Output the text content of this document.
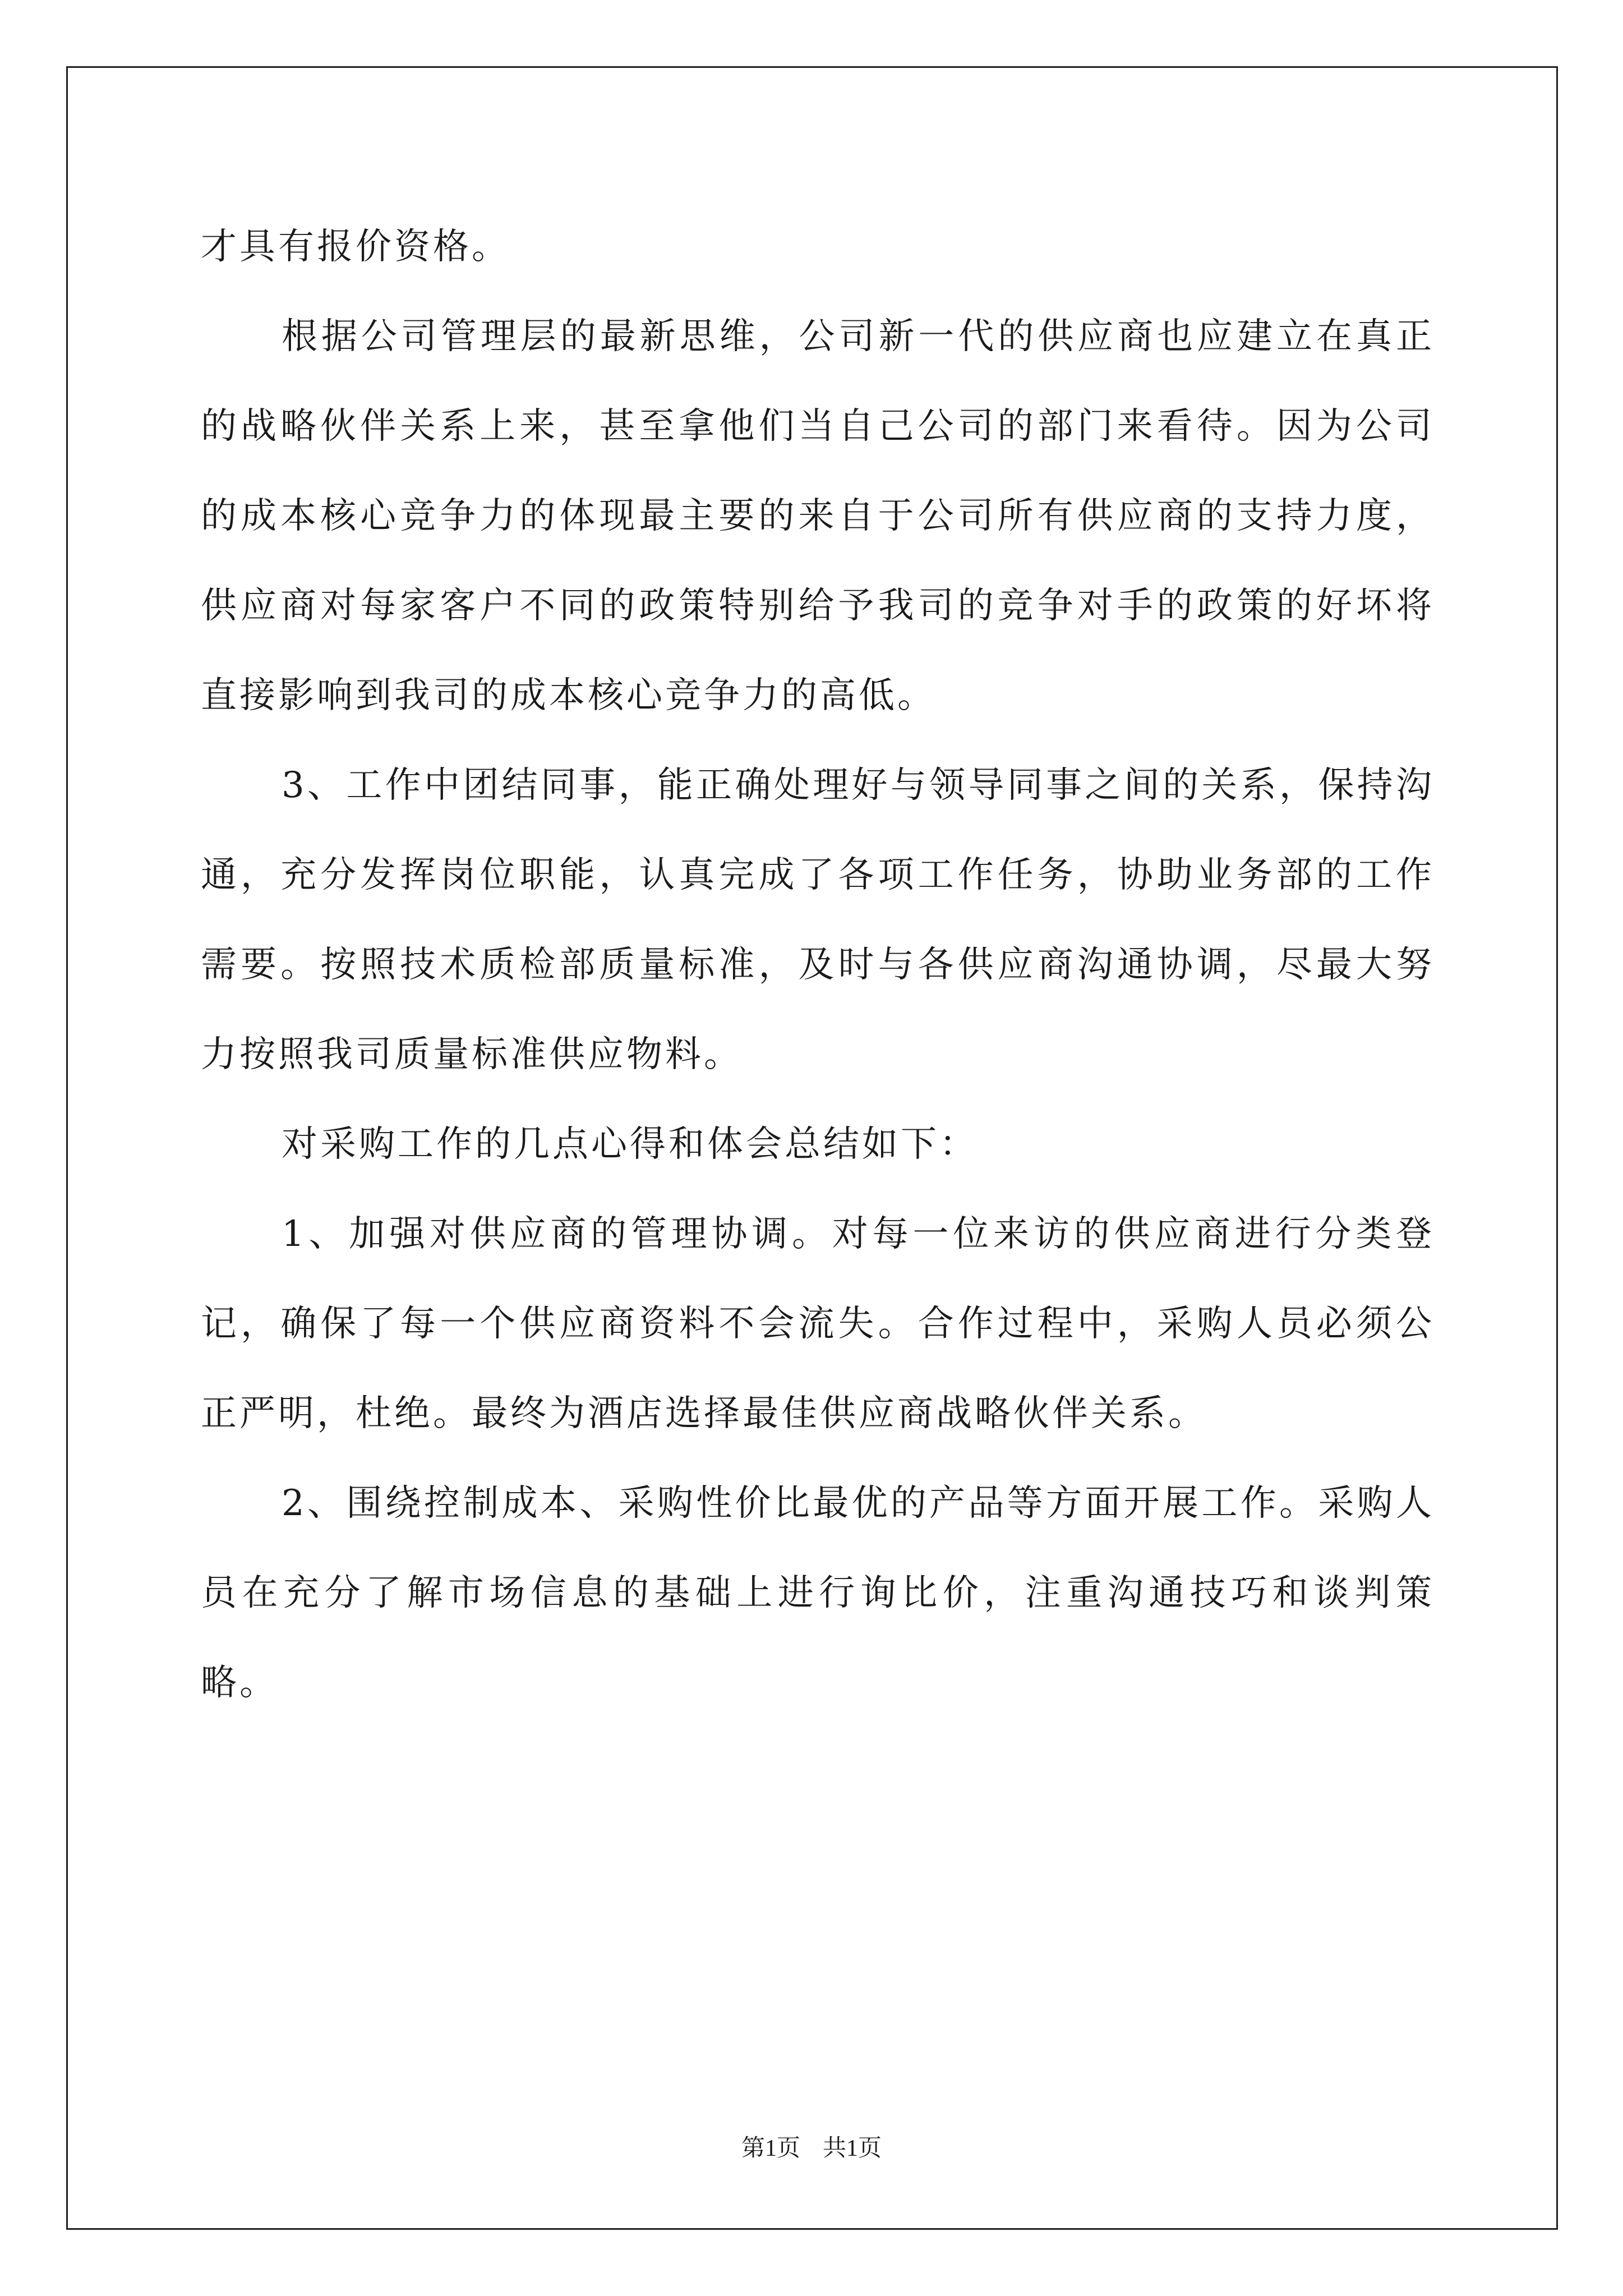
才具有报价资格。

根据公司管理层的最新思维，公司新一代的供应商也应建立在真正的战略伙伴关系上来，甚至拿他们当自己公司的部门来看待。因为公司的成本核心竞争力的体现最主要的来自于公司所有供应商的支持力度，供应商对每家客户不同的政策特别给予我司的竞争对手的政策的好坏将直接影响到我司的成本核心竞争力的高低。

3、工作中团结同事，能正确处理好与领导同事之间的关系，保持沟通，充分发挥岗位职能，认真完成了各项工作任务，协助业务部的工作需要。按照技术质检部质量标准，及时与各供应商沟通协调，尽最大努力按照我司质量标准供应物料。

对采购工作的几点心得和体会总结如下：

1、加强对供应商的管理协调。对每一位来访的供应商进行分类登记，确保了每一个供应商资料不会流失。合作过程中，采购人员必须公正严明，杜绝。最终为酒店选择最佳供应商战略伙伴关系。

2、围绕控制成本、采购性价比最优的产品等方面开展工作。采购人员在充分了解市场信息的基础上进行询比价，注重沟通技巧和谈判策略。

第1页 共1页
